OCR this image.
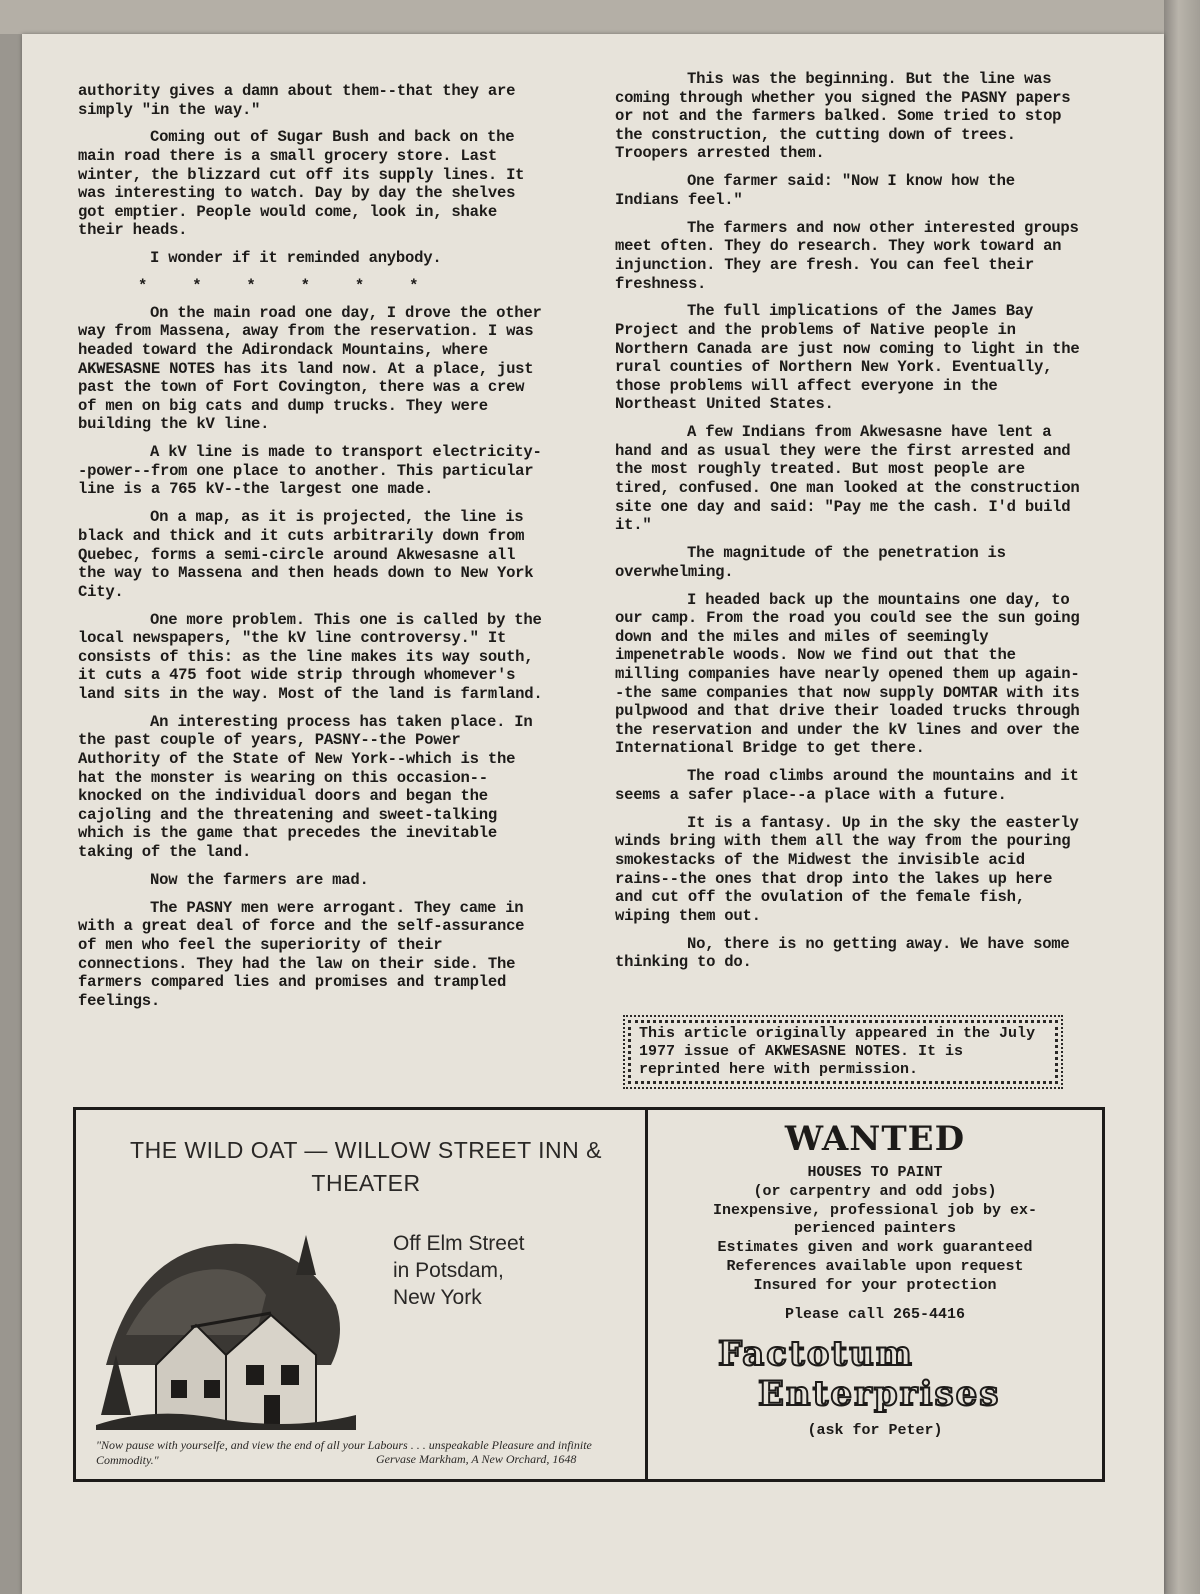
authority gives a damn about them--that they are simply "in the way."

Coming out of Sugar Bush and back on the main road there is a small grocery store. Last winter, the blizzard cut off its supply lines. It was interesting to watch. Day by day the shelves got emptier. People would come, look in, shake their heads.

I wonder if it reminded anybody.

* * * * * *

On the main road one day, I drove the other way from Massena, away from the reservation. I was headed toward the Adirondack Mountains, where AKWESASNE NOTES has its land now. At a place, just past the town of Fort Covington, there was a crew of men on big cats and dump trucks. They were building the kV line.

A kV line is made to transport electricity--power--from one place to another. This particular line is a 765 kV--the largest one made.

On a map, as it is projected, the line is black and thick and it cuts arbitrarily down from Quebec, forms a semi-circle around Akwesasne all the way to Massena and then heads down to New York City.

One more problem. This one is called by the local newspapers, "the kV line controversy." It consists of this: as the line makes its way south, it cuts a 475 foot wide strip through whomever's land sits in the way. Most of the land is farmland.

An interesting process has taken place. In the past couple of years, PASNY--the Power Authority of the State of New York--which is the hat the monster is wearing on this occasion--knocked on the individual doors and began the cajoling and the threatening and sweet-talking which is the game that precedes the inevitable taking of the land.

Now the farmers are mad.

The PASNY men were arrogant. They came in with a great deal of force and the self-assurance of men who feel the superiority of their connections. They had the law on their side. The farmers compared lies and promises and trampled feelings.

This was the beginning. But the line was coming through whether you signed the PASNY papers or not and the farmers balked. Some tried to stop the construction, the cutting down of trees. Troopers arrested them.

One farmer said: "Now I know how the Indians feel."

The farmers and now other interested groups meet often. They do research. They work toward an injunction. They are fresh. You can feel their freshness.

The full implications of the James Bay Project and the problems of Native people in Northern Canada are just now coming to light in the rural counties of Northern New York. Eventually, those problems will affect everyone in the Northeast United States.

A few Indians from Akwesasne have lent a hand and as usual they were the first arrested and the most roughly treated. But most people are tired, confused. One man looked at the construction site one day and said: "Pay me the cash. I'd build it."

The magnitude of the penetration is overwhelming.

I headed back up the mountains one day, to our camp. From the road you could see the sun going down and the miles and miles of seemingly impenetrable woods. Now we find out that the milling companies have nearly opened them up again--the same companies that now supply DOMTAR with its pulpwood and that drive their loaded trucks through the reservation and under the kV lines and over the International Bridge to get there.

The road climbs around the mountains and it seems a safer place--a place with a future.

It is a fantasy. Up in the sky the easterly winds bring with them all the way from the pouring smokestacks of the Midwest the invisible acid rains--the ones that drop into the lakes up here and cut off the ovulation of the female fish, wiping them out.

No, there is no getting away. We have some thinking to do.

This article originally appeared in the July 1977 issue of AKWESASNE NOTES. It is reprinted here with permission.
THE WILD OAT — WILLOW STREET INN & THEATER
Off Elm Street
in Potsdam,
New York
"Now pause with yourselfe, and view the end of all your Labours . . . unspeakable Pleasure and infinite Commodity."	Gervase Markham, A New Orchard, 1648
WANTED
HOUSES TO PAINT
(or carpentry and odd jobs)
Inexpensive, professional job by ex-
perienced painters
Estimates given and work guaranteed
References available upon request
Insured for your protection
Please call 265-4416
Factotum
Enterprises
(ask for Peter)
